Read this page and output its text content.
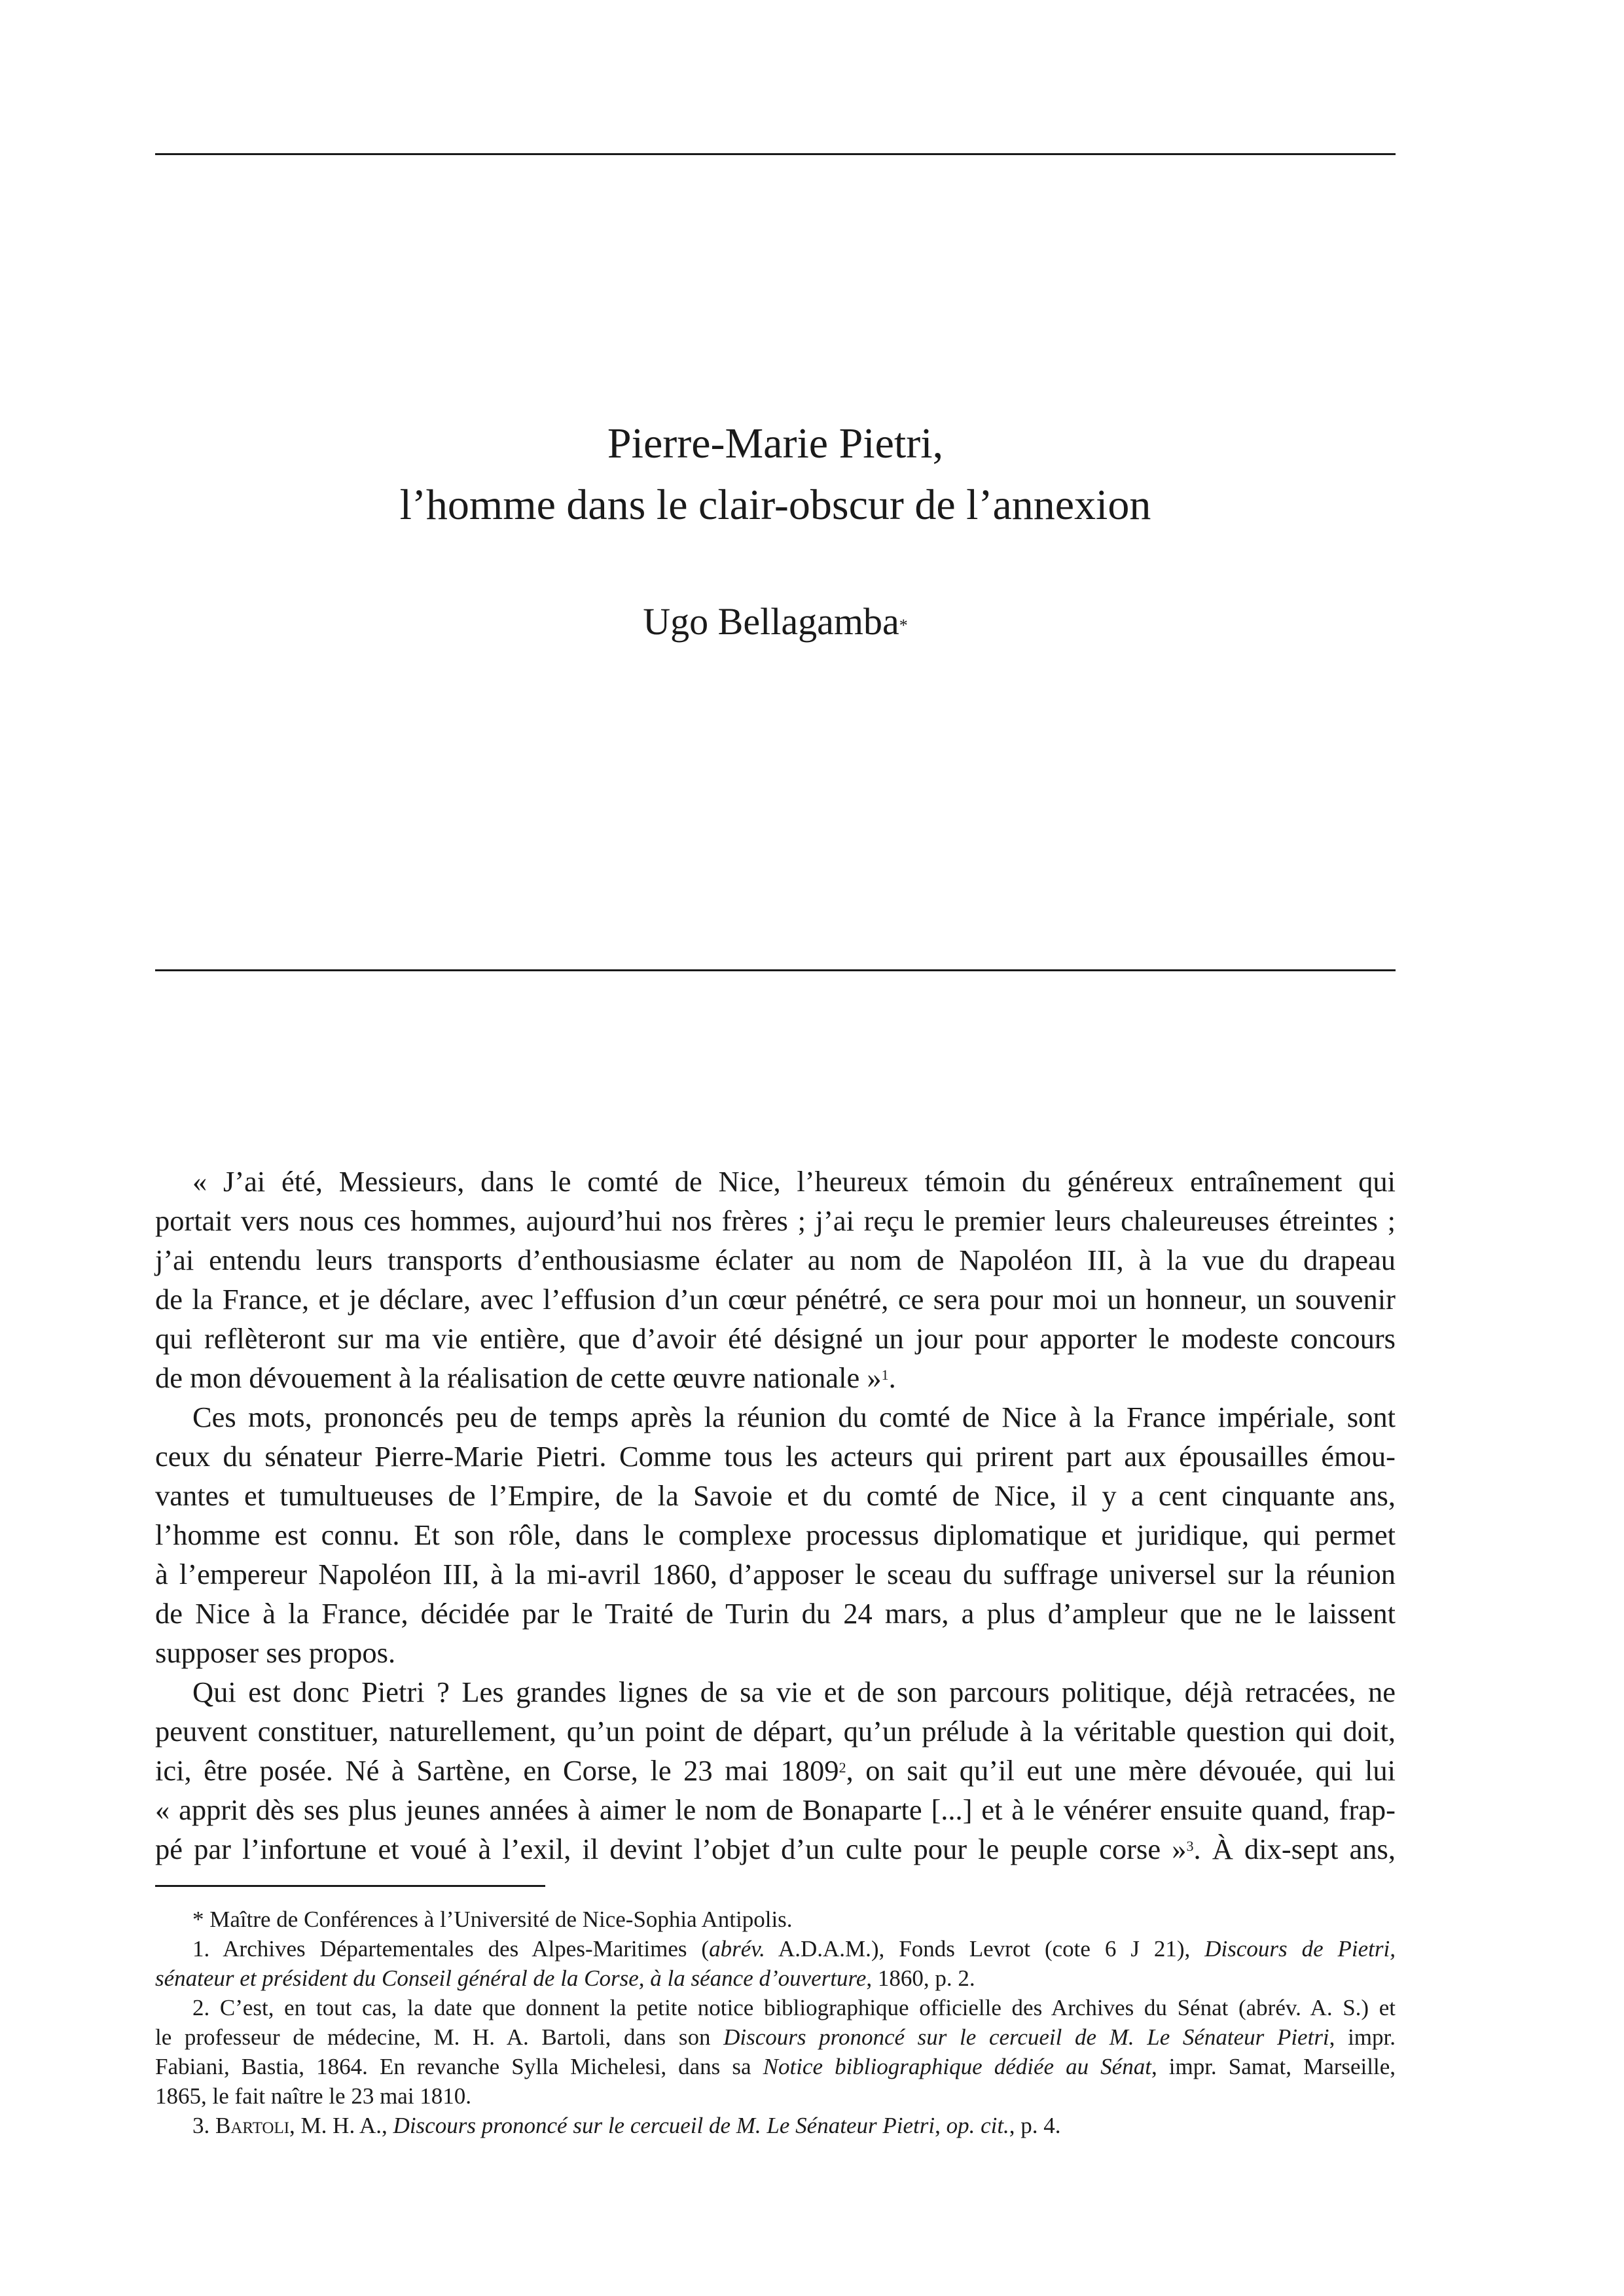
Pierre-Marie Pietri,
l’homme dans le clair-obscur de l’annexion
Ugo Bellagamba*
« J’ai été, Messieurs, dans le comté de Nice, l’heureux témoin du généreux entraînement qui
portait vers nous ces hommes, aujourd’hui nos frères ; j’ai reçu le premier leurs chaleureuses étreintes ;
j’ai entendu leurs transports d’enthousiasme éclater au nom de Napoléon III, à la vue du drapeau
de la France, et je déclare, avec l’effusion d’un cœur pénétré, ce sera pour moi un honneur, un souvenir
qui reflèteront sur ma vie entière, que d’avoir été désigné un jour pour apporter le modeste concours
de mon dévouement à la réalisation de cette œuvre nationale »$^1$.
Ces mots, prononcés peu de temps après la réunion du comté de Nice à la France impériale, sont
ceux du sénateur Pierre-Marie Pietri. Comme tous les acteurs qui prirent part aux épousailles émou-
vantes et tumultueuses de l’Empire, de la Savoie et du comté de Nice, il y a cent cinquante ans,
l’homme est connu. Et son rôle, dans le complexe processus diplomatique et juridique, qui permet
à l’empereur Napoléon III, à la mi-avril 1860, d’apposer le sceau du suffrage universel sur la réunion
de Nice à la France, décidée par le Traité de Turin du 24 mars, a plus d’ampleur que ne le laissent
supposer ses propos.
Qui est donc Pietri ? Les grandes lignes de sa vie et de son parcours politique, déjà retracées, ne
peuvent constituer, naturellement, qu’un point de départ, qu’un prélude à la véritable question qui doit,
ici, être posée. Né à Sartène, en Corse, le 23 mai 1809$^2$, on sait qu’il eut une mère dévouée, qui lui
« apprit dès ses plus jeunes années à aimer le nom de Bonaparte [...] et à le vénérer ensuite quand, frap-
pé par l’infortune et voué à l’exil, il devint l’objet d’un culte pour le peuple corse »$^3$. À dix-sept ans,
* Maître de Conférences à l’Université de Nice-Sophia Antipolis.
1. Archives Départementales des Alpes-Maritimes (abrév. A.D.A.M.), Fonds Levrot (cote 6 J 21), Discours de Pietri,
sénateur et président du Conseil général de la Corse, à la séance d’ouverture, 1860, p. 2.
2. C’est, en tout cas, la date que donnent la petite notice bibliographique officielle des Archives du Sénat (abrév. A. S.) et
le professeur de médecine, M. H. A. Bartoli, dans son Discours prononcé sur le cercueil de M. Le Sénateur Pietri, impr.
Fabiani, Bastia, 1864. En revanche Sylla Michelesi, dans sa Notice bibliographique dédiée au Sénat, impr. Samat, Marseille,
1865, le fait naître le 23 mai 1810.
3. Bartoli, M. H. A., Discours prononcé sur le cercueil de M. Le Sénateur Pietri, op. cit., p. 4.
